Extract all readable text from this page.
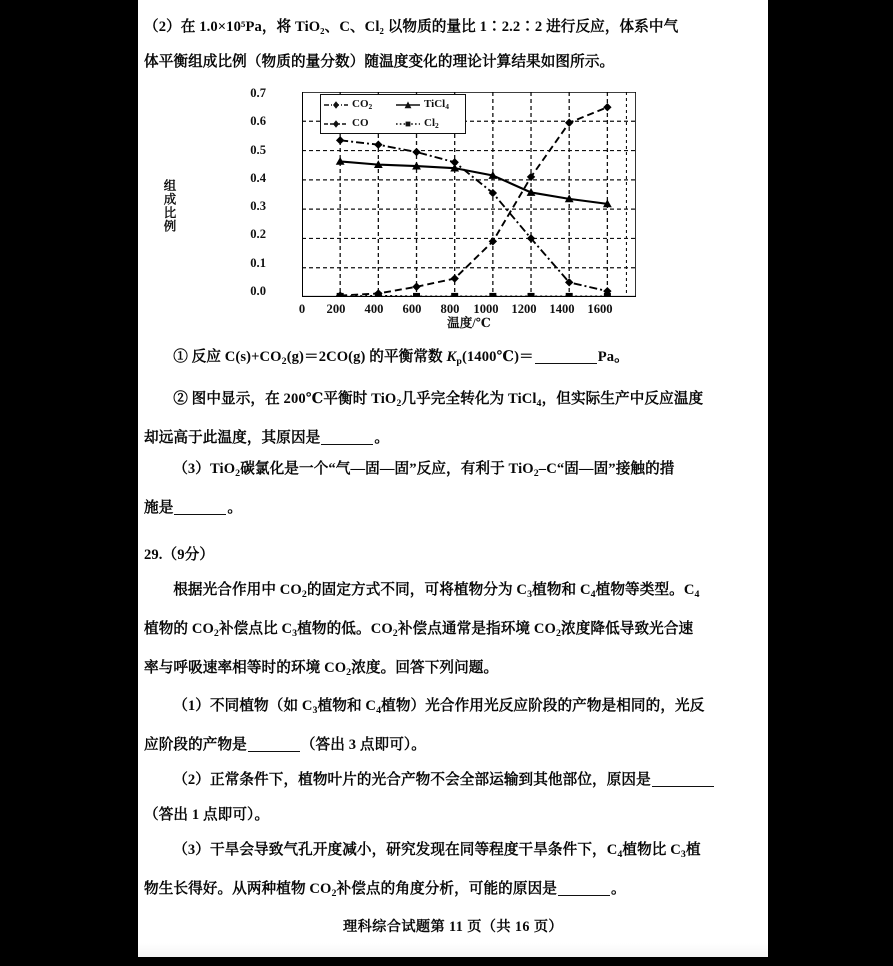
（2）在 1.0×10⁵Pa，将 TiO₂、C、Cl₂ 以物质的量比 1∶2.2∶2 进行反应，体系中气

体平衡组成比例（物质的量分数）随温度变化的理论计算结果如图所示。

组成比例
0.7
0.6
0.5
0.4
0.3
0.2
0.1
0.0
$CO_2$	TiCl$_4$
CO	$Cl_2$
0	200	400	600	800	1000	1200	1400	1600
温度/℃

① 反应 $C(s)+CO_2(g)=2CO(g)$ 的平衡常数 $K_p(1400℃)=$	Pa。

② 图中显示，在 200℃平衡时 TiO$_2$几乎完全转化为 TiCl$_4$，但实际生产中反应温度

却远高于此温度，其原因是	。

（3）TiO$_2$碳氯化是一个“气—固—固”反应，有利于 TiO$_2$–C“固—固”接触的措

施是	。

29.（9分）

根据光合作用中 $CO_2$的固定方式不同，可将植物分为 $C_3$植物和 $C_4$植物等类型。$C_4$

植物的 $CO_2$补偿点比 $C_3$植物的低。$CO_2$补偿点通常是指环境 $CO_2$浓度降低导致光合速

率与呼吸速率相等时的环境 $CO_2$浓度。回答下列问题。

（1）不同植物（如 $C_3$植物和 $C_4$植物）光合作用光反应阶段的产物是相同的，光反

应阶段的产物是	（答出 3 点即可）。

（2）正常条件下，植物叶片的光合产物不会全部运输到其他部位，原因是

（答出 1 点即可）。

（3）干旱会导致气孔开度减小，研究发现在同等程度干旱条件下，$C_4$植物比 $C_3$植

物生长得好。从两种植物 $CO_2$补偿点的角度分析，可能的原因是	。

理科综合试题第 11 页（共 16 页）
